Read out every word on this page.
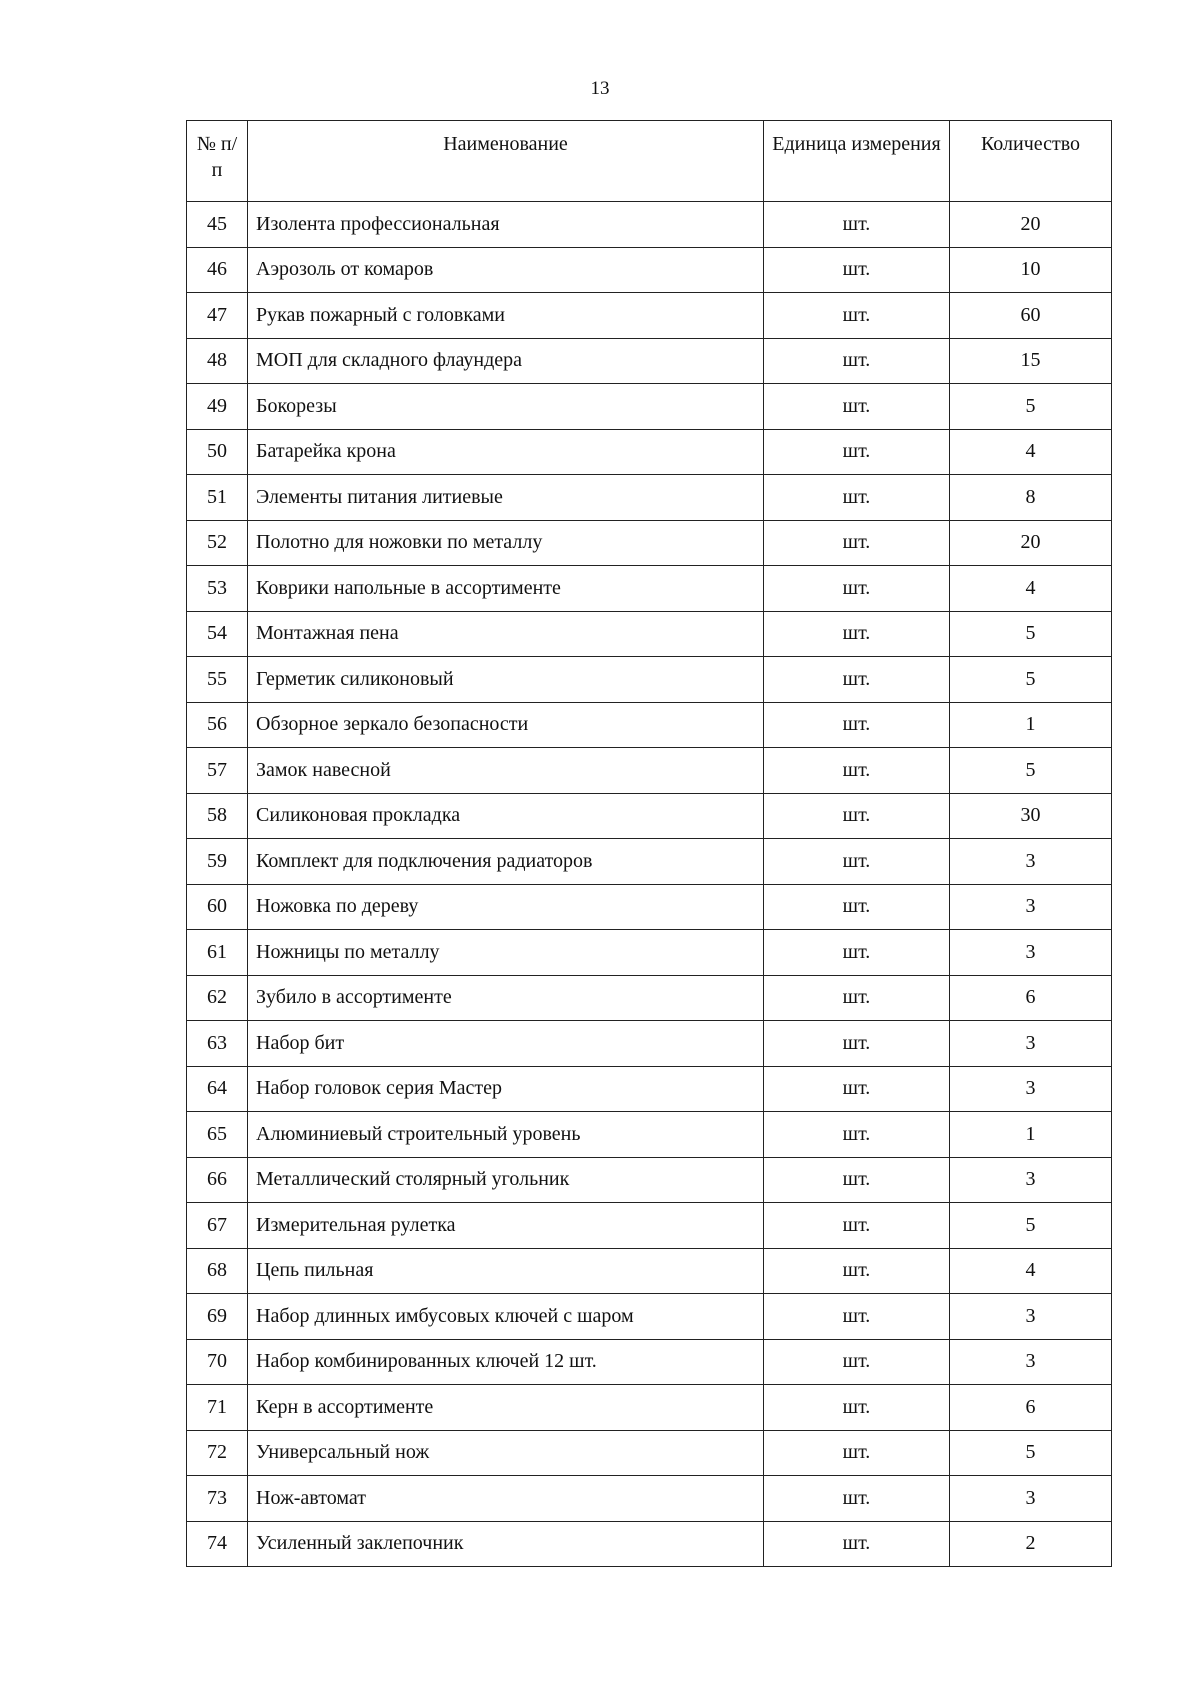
13
№ п/п	Наименование	Единица измерения	Количество
45	Изолента профессиональная	шт.	20
46	Аэрозоль от комаров	шт.	10
47	Рукав пожарный с головками	шт.	60
48	МОП для складного флаундера	шт.	15
49	Бокорезы	шт.	5
50	Батарейка крона	шт.	4
51	Элементы питания литиевые	шт.	8
52	Полотно для ножовки по металлу	шт.	20
53	Коврики напольные в ассортименте	шт.	4
54	Монтажная пена	шт.	5
55	Герметик силиконовый	шт.	5
56	Обзорное зеркало безопасности	шт.	1
57	Замок навесной	шт.	5
58	Силиконовая прокладка	шт.	30
59	Комплект для подключения радиаторов	шт.	3
60	Ножовка по дереву	шт.	3
61	Ножницы по металлу	шт.	3
62	Зубило в ассортименте	шт.	6
63	Набор бит	шт.	3
64	Набор головок серия Мастер	шт.	3
65	Алюминиевый строительный уровень	шт.	1
66	Металлический столярный угольник	шт.	3
67	Измерительная рулетка	шт.	5
68	Цепь пильная	шт.	4
69	Набор длинных имбусовых ключей с шаром	шт.	3
70	Набор комбинированных ключей 12 шт.	шт.	3
71	Керн в ассортименте	шт.	6
72	Универсальный нож	шт.	5
73	Нож-автомат	шт.	3
74	Усиленный заклепочник	шт.	2
